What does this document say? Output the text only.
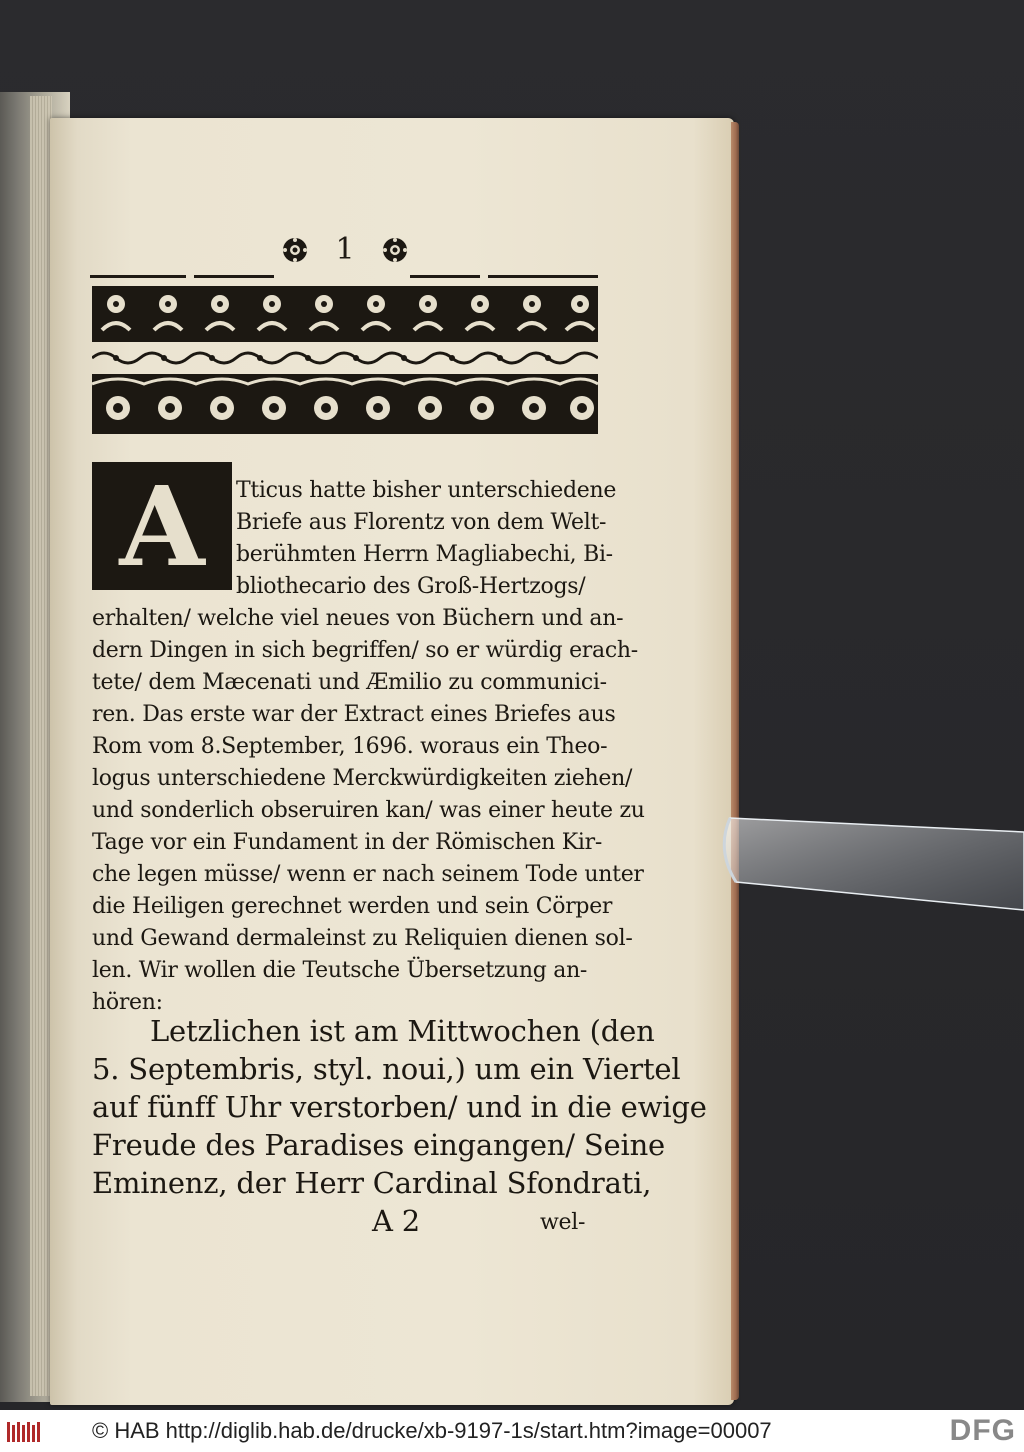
1
A	Tticus hatte bisher unterschiedene
Briefe aus Florentz von dem Welt-
berühmten Herrn Magliabechi, Bi-
bliothecario des Groß-Hertzogs/
erhalten/ welche viel neues von Büchern und an-
dern Dingen in sich begriffen/ so er würdig erach-
tete/ dem Mæcenati und Æmilio zu communici-
ren. Das erste war der Extract eines Briefes aus
Rom vom 8.September, 1696. woraus ein Theo-
logus unterschiedene Merckwürdigkeiten ziehen/
und sonderlich obseruiren kan/ was einer heute zu
Tage vor ein Fundament in der Römischen Kir-
che legen müsse/ wenn er nach seinem Tode unter
die Heiligen gerechnet werden und sein Cörper
und Gewand dermaleinst zu Reliquien dienen sol-
len. Wir wollen die Teutsche Übersetzung an-
hören:
Letzlichen ist am Mittwochen (den
5. Septembris, styl. noui,) um ein Viertel
auf fünff Uhr verstorben/ und in die ewige
Freude des Paradises eingangen/ Seine
Eminenz, der Herr Cardinal Sfondrati,
A 2	wel-
© HAB http://diglib.hab.de/drucke/xb-9197-1s/start.htm?image=00007	DFG
